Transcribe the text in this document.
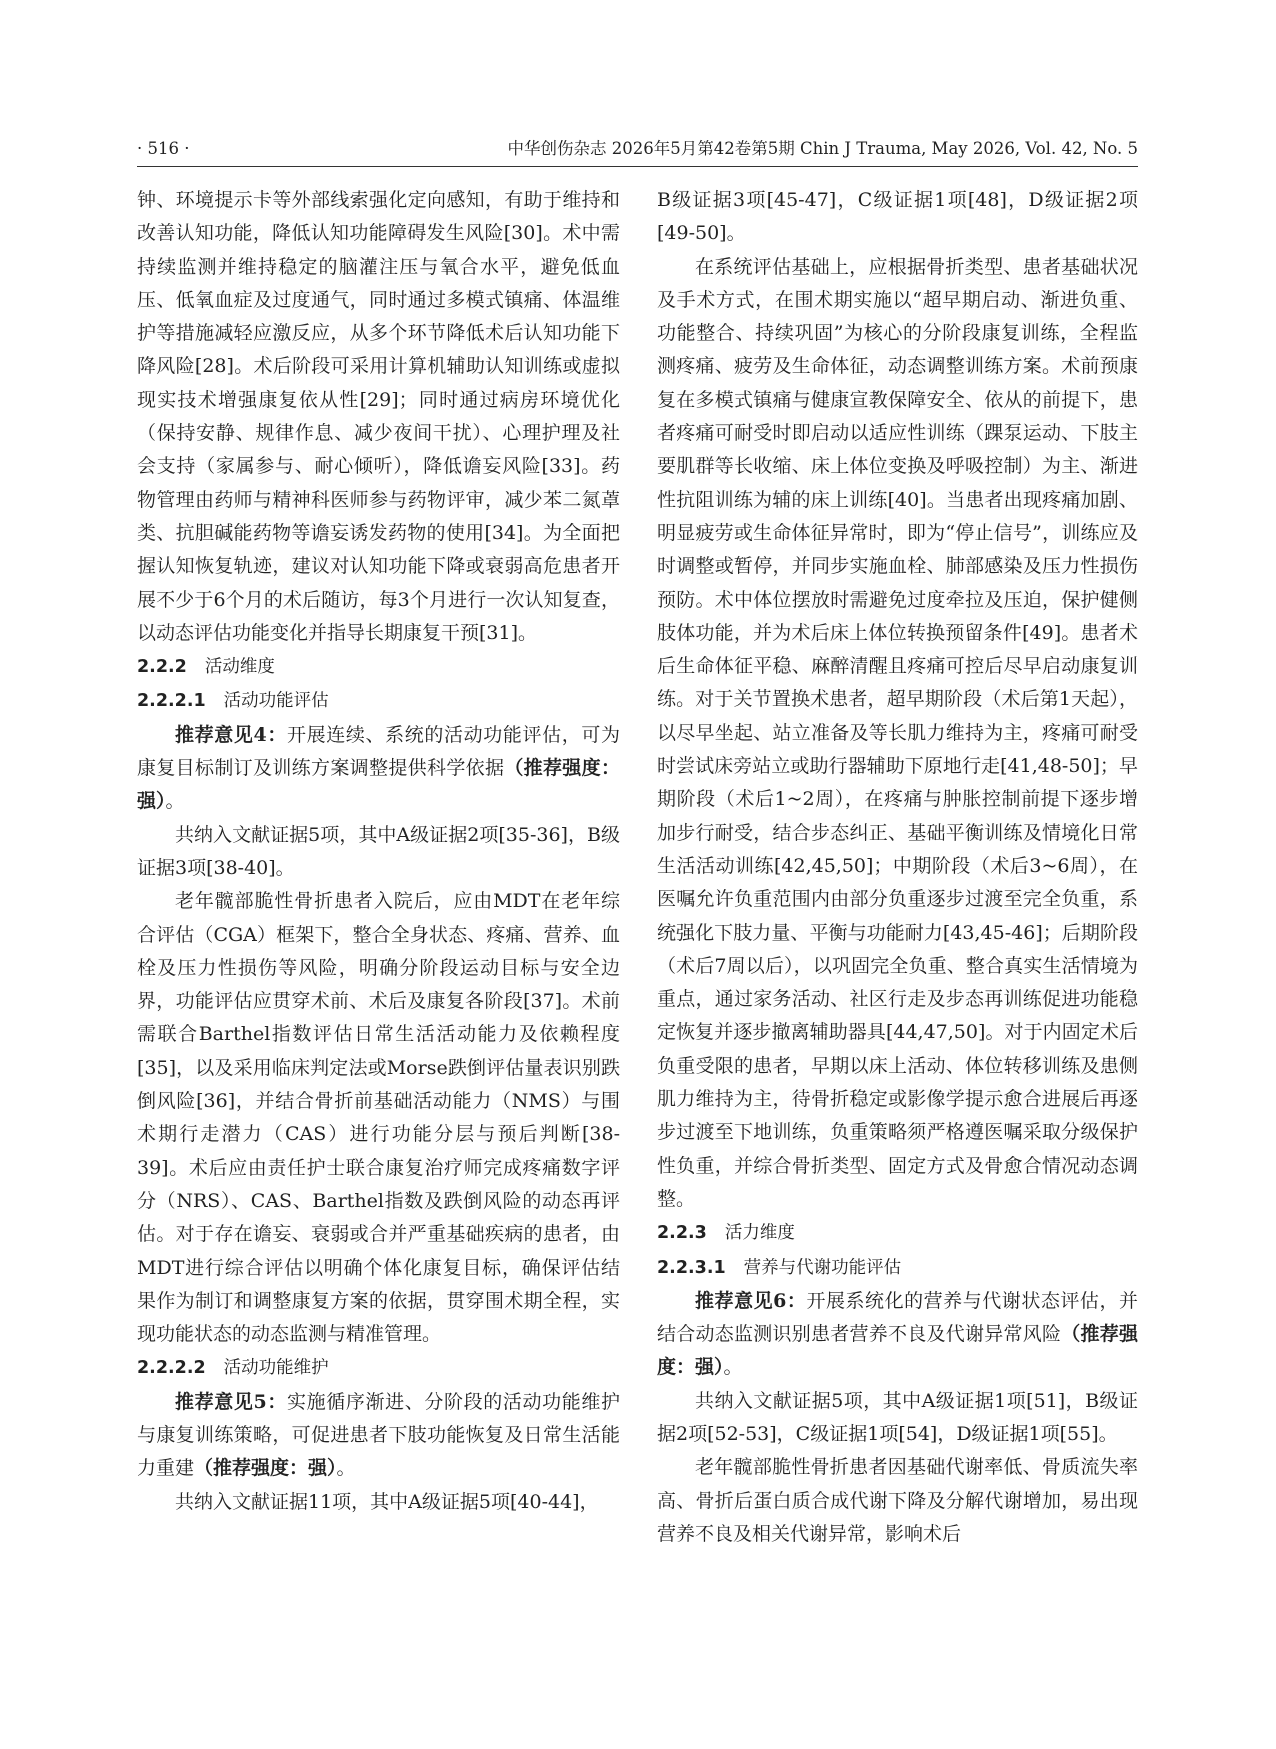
· 516 ·	中华创伤杂志 2026年5月第42卷第5期 Chin J Trauma, May 2026, Vol. 42, No. 5

钟、环境提示卡等外部线索强化定向感知，有助于维持和改善认知功能，降低认知功能障碍发生风险[30]。术中需持续监测并维持稳定的脑灌注压与氧合水平，避免低血压、低氧血症及过度通气，同时通过多模式镇痛、体温维护等措施减轻应激反应，从多个环节降低术后认知功能下降风险[28]。术后阶段可采用计算机辅助认知训练或虚拟现实技术增强康复依从性[29]；同时通过病房环境优化（保持安静、规律作息、减少夜间干扰）、心理护理及社会支持（家属参与、耐心倾听），降低谵妄风险[33]。药物管理由药师与精神科医师参与药物评审，减少苯二氮䓬类、抗胆碱能药物等谵妄诱发药物的使用[34]。为全面把握认知恢复轨迹，建议对认知功能下降或衰弱高危患者开展不少于6个月的术后随访，每3个月进行一次认知复查，以动态评估功能变化并指导长期康复干预[31]。

2.2.2 活动维度
2.2.2.1 活动功能评估

推荐意见4：开展连续、系统的活动功能评估，可为康复目标制订及训练方案调整提供科学依据（推荐强度：强）。

共纳入文献证据5项，其中A级证据2项[35-36]，B级证据3项[38-40]。

老年髋部脆性骨折患者入院后，应由MDT在老年综合评估（CGA）框架下，整合全身状态、疼痛、营养、血栓及压力性损伤等风险，明确分阶段运动目标与安全边界，功能评估应贯穿术前、术后及康复各阶段[37]。术前需联合Barthel指数评估日常生活活动能力及依赖程度[35]，以及采用临床判定法或Morse跌倒评估量表识别跌倒风险[36]，并结合骨折前基础活动能力（NMS）与围术期行走潜力（CAS）进行功能分层与预后判断[38-39]。术后应由责任护士联合康复治疗师完成疼痛数字评分（NRS）、CAS、Barthel指数及跌倒风险的动态再评估。对于存在谵妄、衰弱或合并严重基础疾病的患者，由MDT进行综合评估以明确个体化康复目标，确保评估结果作为制订和调整康复方案的依据，贯穿围术期全程，实现功能状态的动态监测与精准管理。

2.2.2.2 活动功能维护

推荐意见5：实施循序渐进、分阶段的活动功能维护与康复训练策略，可促进患者下肢功能恢复及日常生活能力重建（推荐强度：强）。

共纳入文献证据11项，其中A级证据5项[40-44]，

B级证据3项[45-47]，C级证据1项[48]，D级证据2项[49-50]。

在系统评估基础上，应根据骨折类型、患者基础状况及手术方式，在围术期实施以“超早期启动、渐进负重、功能整合、持续巩固”为核心的分阶段康复训练，全程监测疼痛、疲劳及生命体征，动态调整训练方案。术前预康复在多模式镇痛与健康宣教保障安全、依从的前提下，患者疼痛可耐受时即启动以适应性训练（踝泵运动、下肢主要肌群等长收缩、床上体位变换及呼吸控制）为主、渐进性抗阻训练为辅的床上训练[40]。当患者出现疼痛加剧、明显疲劳或生命体征异常时，即为“停止信号”，训练应及时调整或暂停，并同步实施血栓、肺部感染及压力性损伤预防。术中体位摆放时需避免过度牵拉及压迫，保护健侧肢体功能，并为术后床上体位转换预留条件[49]。患者术后生命体征平稳、麻醉清醒且疼痛可控后尽早启动康复训练。对于关节置换术患者，超早期阶段（术后第1天起），以尽早坐起、站立准备及等长肌力维持为主，疼痛可耐受时尝试床旁站立或助行器辅助下原地行走[41,48-50]；早期阶段（术后1~2周），在疼痛与肿胀控制前提下逐步增加步行耐受，结合步态纠正、基础平衡训练及情境化日常生活活动训练[42,45,50]；中期阶段（术后3~6周），在医嘱允许负重范围内由部分负重逐步过渡至完全负重，系统强化下肢力量、平衡与功能耐力[43,45-46]；后期阶段（术后7周以后），以巩固完全负重、整合真实生活情境为重点，通过家务活动、社区行走及步态再训练促进功能稳定恢复并逐步撤离辅助器具[44,47,50]。对于内固定术后负重受限的患者，早期以床上活动、体位转移训练及患侧肌力维持为主，待骨折稳定或影像学提示愈合进展后再逐步过渡至下地训练，负重策略须严格遵医嘱采取分级保护性负重，并综合骨折类型、固定方式及骨愈合情况动态调整。

2.2.3 活力维度
2.2.3.1 营养与代谢功能评估

推荐意见6：开展系统化的营养与代谢状态评估，并结合动态监测识别患者营养不良及代谢异常风险（推荐强度：强）。

共纳入文献证据5项，其中A级证据1项[51]，B级证据2项[52-53]，C级证据1项[54]，D级证据1项[55]。

老年髋部脆性骨折患者因基础代谢率低、骨质流失率高、骨折后蛋白质合成代谢下降及分解代谢增加，易出现营养不良及相关代谢异常，影响术后
